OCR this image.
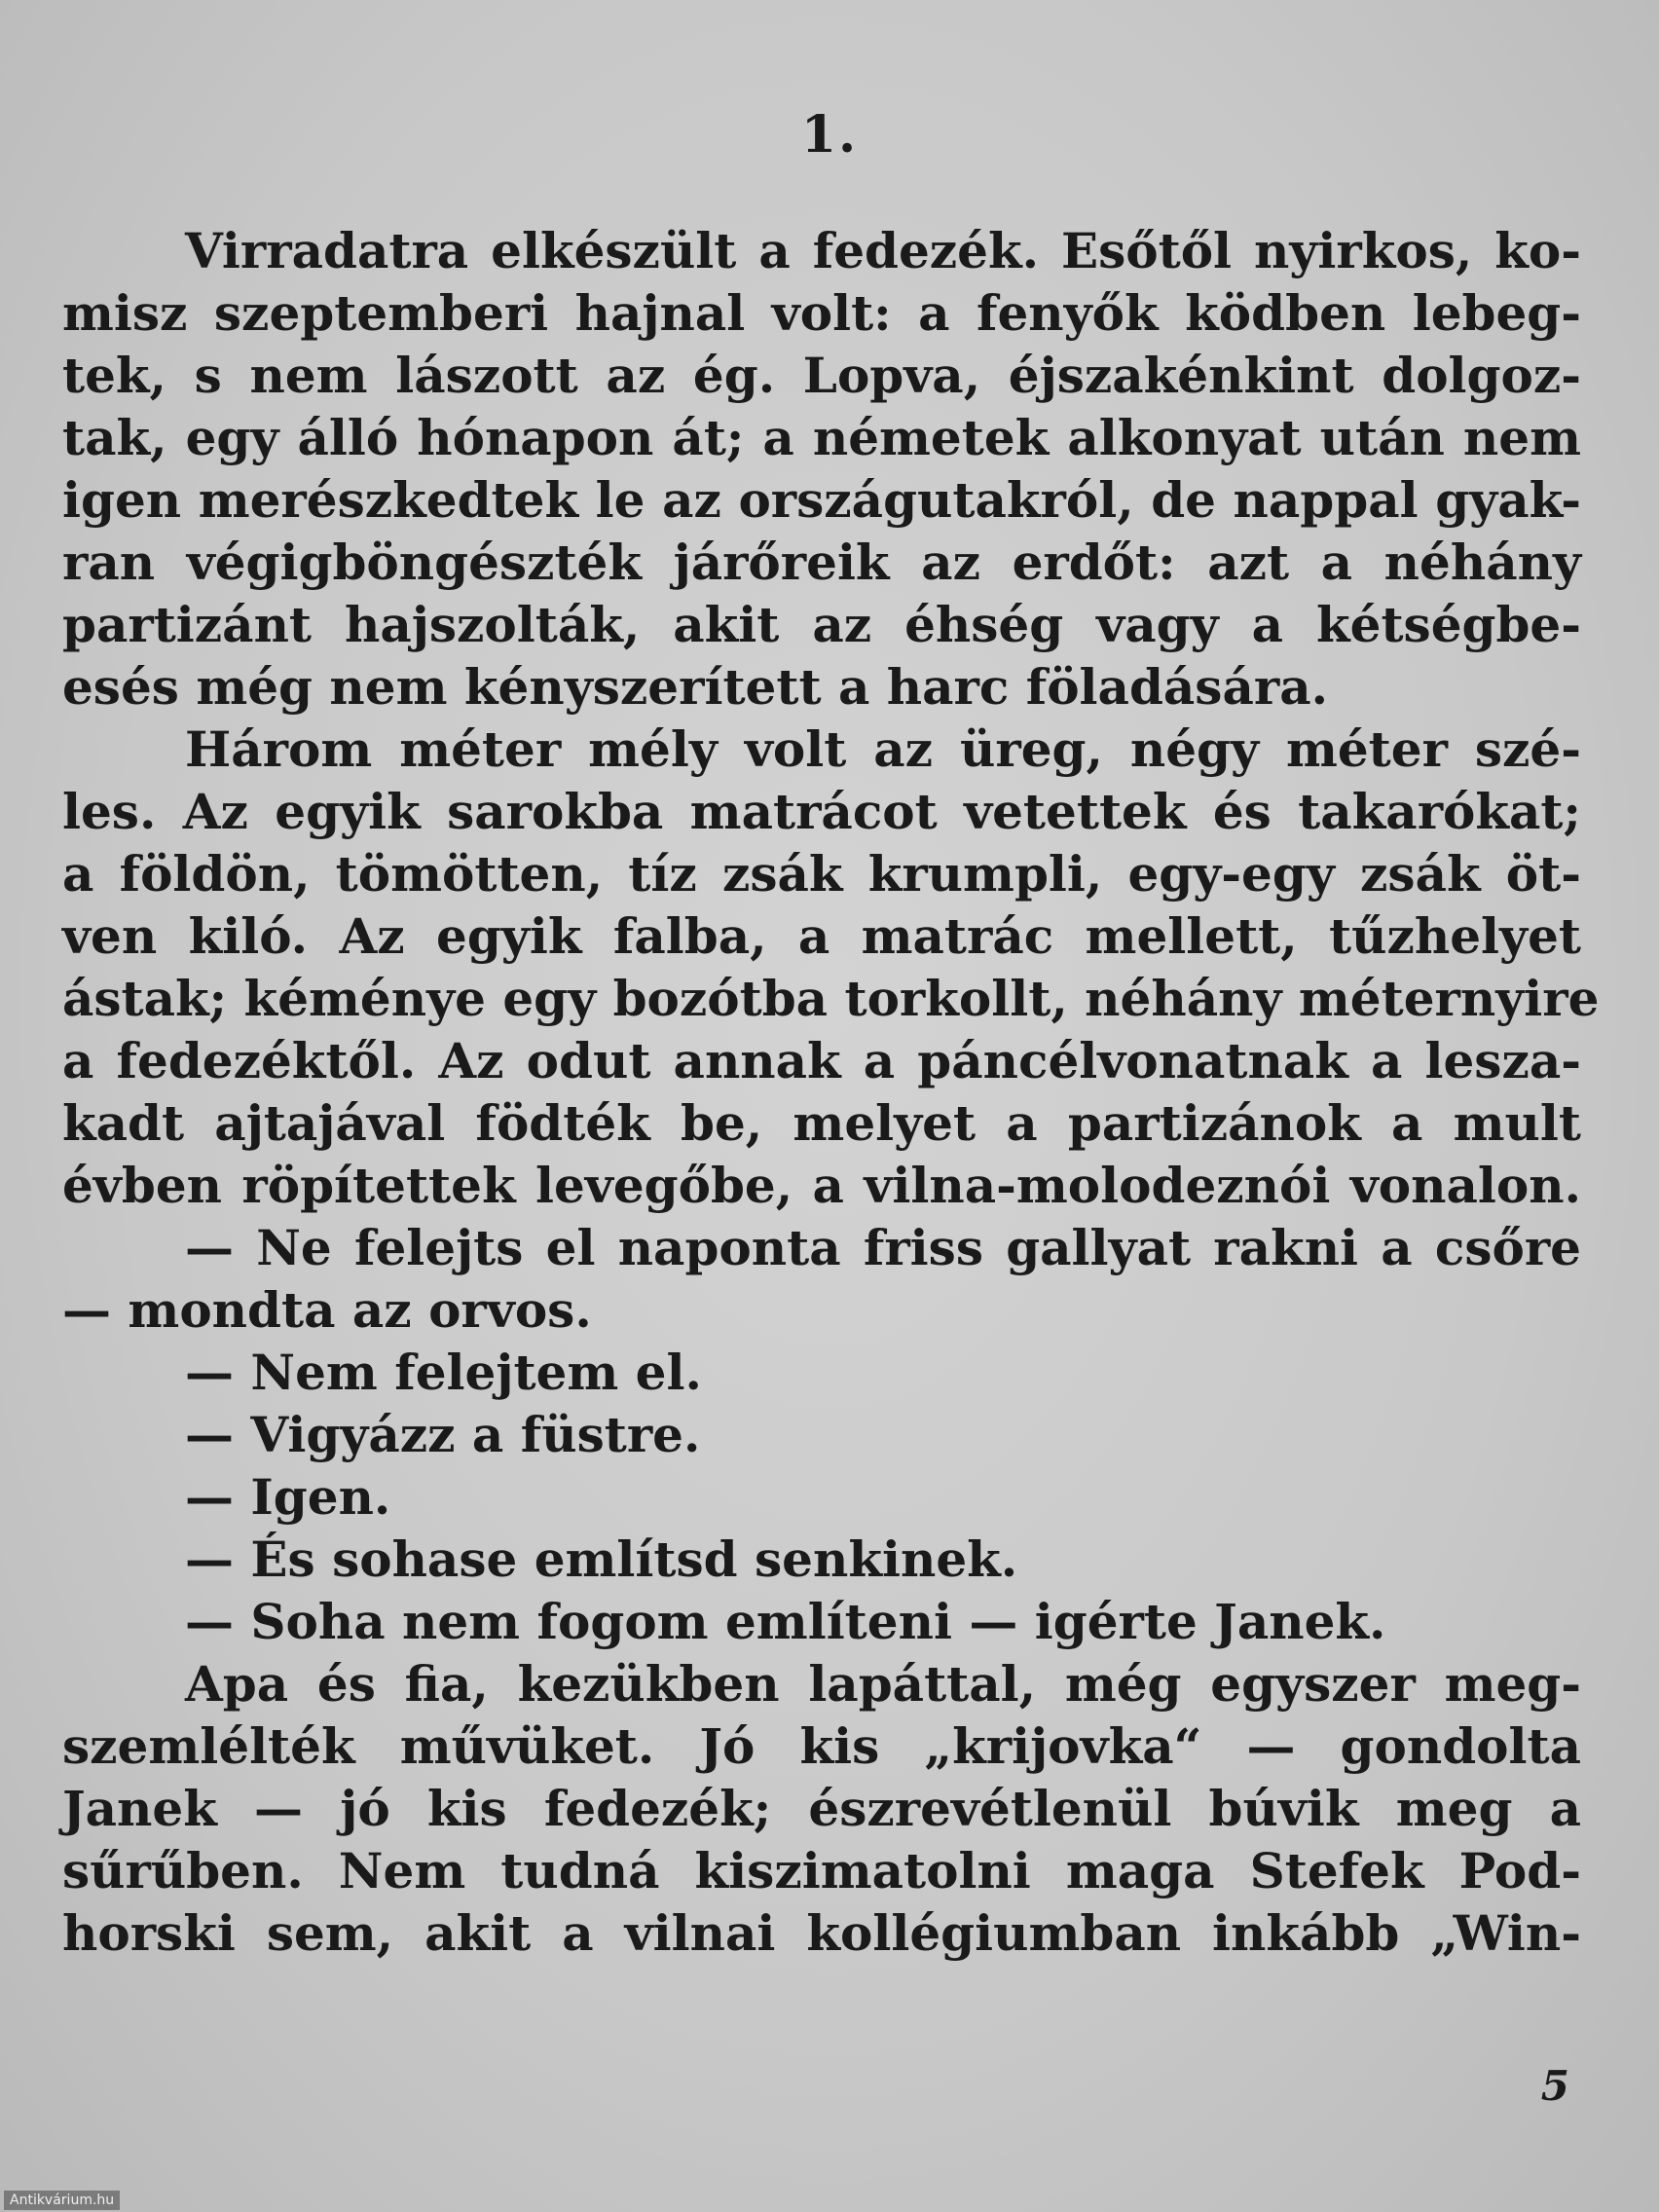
1.
Virradatra elkészült a fedezék. Esőtől nyirkos, ko-
misz szeptemberi hajnal volt: a fenyők ködben lebeg-
tek, s nem lászott az ég. Lopva, éjszakénkint dolgoz-
tak, egy álló hónapon át; a németek alkonyat után nem
igen merészkedtek le az országutakról, de nappal gyak-
ran végigböngészték járőreik az erdőt: azt a néhány
partizánt hajszolták, akit az éhség vagy a kétségbe-
esés még nem kényszerített a harc föladására.
Három méter mély volt az üreg, négy méter szé-
les. Az egyik sarokba matrácot vetettek és takarókat;
a földön, tömötten, tíz zsák krumpli, egy-egy zsák öt-
ven kiló. Az egyik falba, a matrác mellett, tűzhelyet
ástak; kéménye egy bozótba torkollt, néhány méternyire
a fedezéktől. Az odut annak a páncélvonatnak a lesza-
kadt ajtajával födték be, melyet a partizánok a mult
évben röpítettek levegőbe, a vilna-molodeznói vonalon.
— Ne felejts el naponta friss gallyat rakni a csőre
— mondta az orvos.
— Nem felejtem el.
— Vigyázz a füstre.
— Igen.
— És sohase említsd senkinek.
— Soha nem fogom említeni — igérte Janek.
Apa és fia, kezükben lapáttal, még egyszer meg-
szemlélték művüket. Jó kis „krijovka“ — gondolta
Janek — jó kis fedezék; észrevétlenül búvik meg a
sűrűben. Nem tudná kiszimatolni maga Stefek Pod-
horski sem, akit a vilnai kollégiumban inkább „Win-
5
Antikvárium.hu
